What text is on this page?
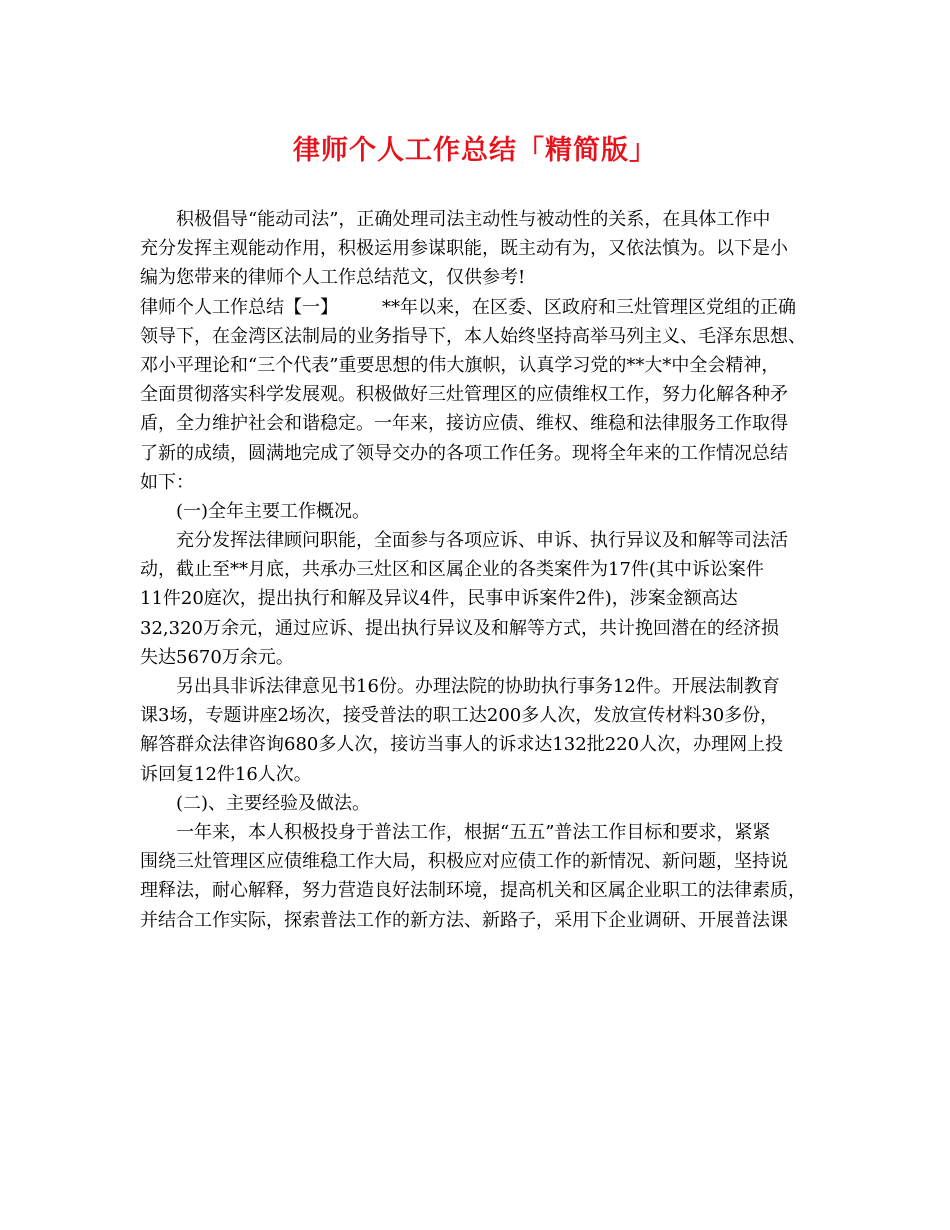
律师个人工作总结「精简版」
积极倡导“能动司法”，正确处理司法主动性与被动性的关系，在具体工作中
充分发挥主观能动作用，积极运用参谋职能，既主动有为，又依法慎为。以下是小
编为您带来的律师个人工作总结范文，仅供参考!
律师个人工作总结【一】 **年以来，在区委、区政府和三灶管理区党组的正确
领导下，在金湾区法制局的业务指导下，本人始终坚持高举马列主义、毛泽东思想、
邓小平理论和“三个代表”重要思想的伟大旗帜，认真学习党的**大*中全会精神，
全面贯彻落实科学发展观。积极做好三灶管理区的应债维权工作，努力化解各种矛
盾，全力维护社会和谐稳定。一年来，接访应债、维权、维稳和法律服务工作取得
了新的成绩，圆满地完成了领导交办的各项工作任务。现将全年来的工作情况总结
如下：
(一)全年主要工作概况。
充分发挥法律顾问职能，全面参与各项应诉、申诉、执行异议及和解等司法活
动，截止至**月底，共承办三灶区和区属企业的各类案件为17件(其中诉讼案件
11件20庭次，提出执行和解及异议4件，民事申诉案件2件)，涉案金额高达
32,320万余元，通过应诉、提出执行异议及和解等方式，共计挽回潜在的经济损
失达5670万余元。
另出具非诉法律意见书16份。办理法院的协助执行事务12件。开展法制教育
课3场，专题讲座2场次，接受普法的职工达200多人次，发放宣传材料30多份，
解答群众法律咨询680多人次，接访当事人的诉求达132批220人次，办理网上投
诉回复12件16人次。
(二)、主要经验及做法。
一年来，本人积极投身于普法工作，根据“五五”普法工作目标和要求，紧紧
围绕三灶管理区应债维稳工作大局，积极应对应债工作的新情况、新问题，坚持说
理释法，耐心解释，努力营造良好法制环境，提高机关和区属企业职工的法律素质，
并结合工作实际，探索普法工作的新方法、新路子，采用下企业调研、开展普法课
